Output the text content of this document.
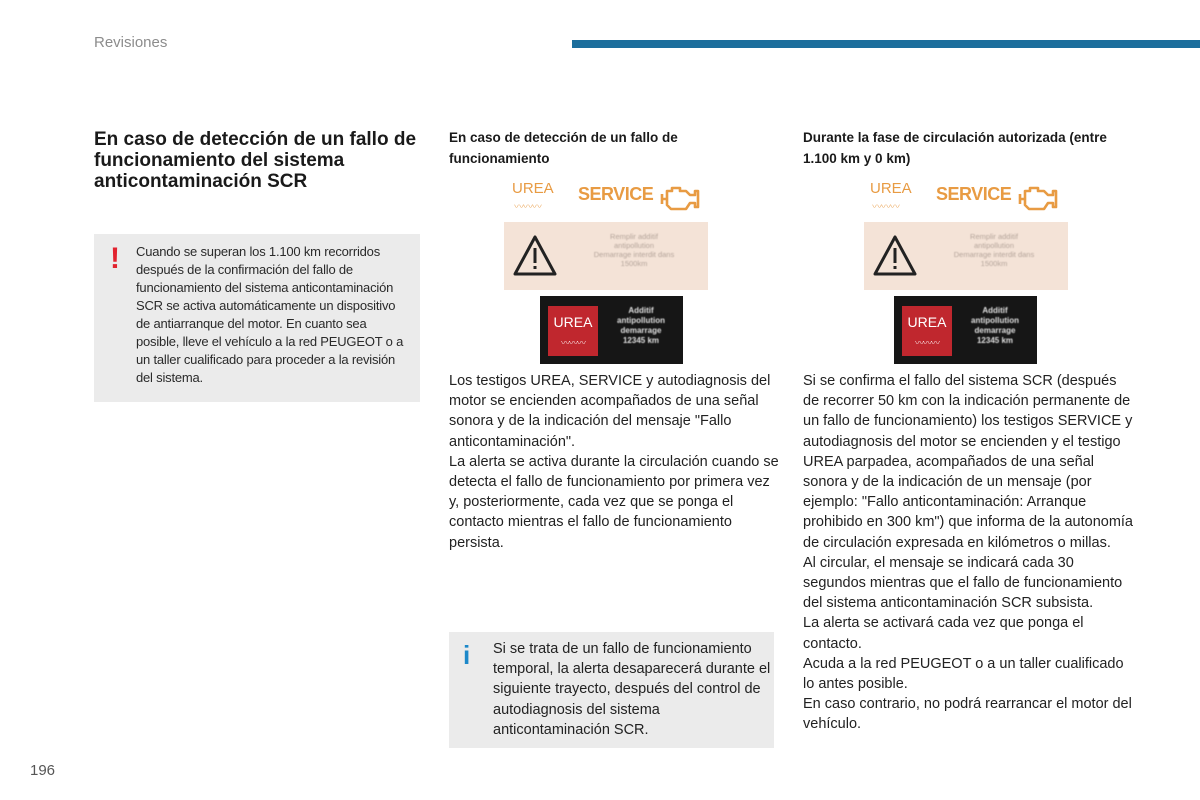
Revisiones
En caso de detección de un fallo de funcionamiento del sistema anticontaminación SCR
! Cuando se superan los 1.100 km recorridos después de la confirmación del fallo de funcionamiento del sistema anticontaminación SCR se activa automáticamente un dispositivo de antiarranque del motor. En cuanto sea posible, lleve el vehículo a la red PEUGEOT o a un taller cualificado para proceder a la revisión del sistema.
En caso de detección de un fallo de funcionamiento
UREA
〰〰〰
SERVICE
Remplir additif
antipollution
Demarrage interdit dans
1500km
UREA
〰〰〰
Additif
antipollution
demarrage
12345 km

Los testigos UREA, SERVICE y autodiagnosis del motor se encienden acompañados de una señal sonora y de la indicación del mensaje "Fallo anticontaminación".

La alerta se activa durante la circulación cuando se detecta el fallo de funcionamiento por primera vez y, posteriormente, cada vez que se ponga el contacto mientras el fallo de funcionamiento persista.

i Si se trata de un fallo de funcionamiento temporal, la alerta desaparecerá durante el siguiente trayecto, después del control de autodiagnosis del sistema anticontaminación SCR.
Durante la fase de circulación autorizada (entre 1.100 km y 0 km)
UREA
〰〰〰
SERVICE
Remplir additif
antipollution
Demarrage interdit dans
1500km
UREA
〰〰〰
Additif
antipollution
demarrage
12345 km

Si se confirma el fallo del sistema SCR (después de recorrer 50 km con la indicación permanente de un fallo de funcionamiento) los testigos SERVICE y autodiagnosis del motor se encienden y el testigo UREA parpadea, acompañados de una señal sonora y de la indicación de un mensaje (por ejemplo: "Fallo anticontaminación: Arranque prohibido en 300 km") que informa de la autonomía de circulación expresada en kilómetros o millas.

Al circular, el mensaje se indicará cada 30 segundos mientras que el fallo de funcionamiento del sistema anticontaminación SCR subsista.

La alerta se activará cada vez que ponga el contacto.

Acuda a la red PEUGEOT o a un taller cualificado lo antes posible.

En caso contrario, no podrá rearrancar el motor del vehículo.

196
